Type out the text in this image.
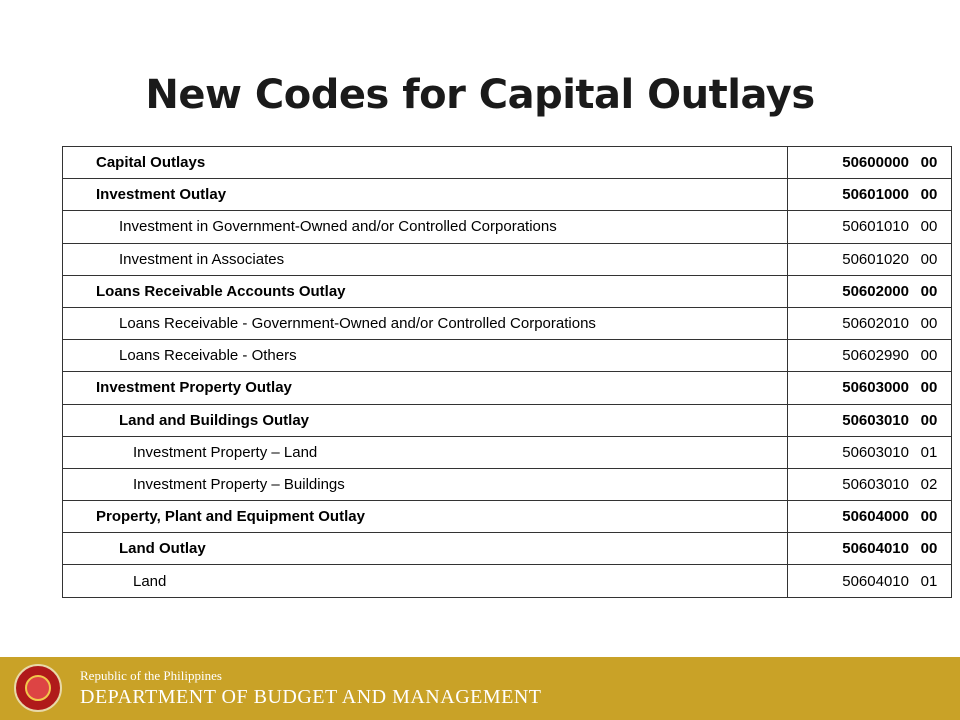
New Codes for Capital Outlays
Capital Outlays	50600000 00
Investment Outlay	50601000 00
Investment in Government-Owned and/or Controlled Corporations	50601010 00
Investment in Associates	50601020 00
Loans Receivable Accounts Outlay	50602000 00
Loans Receivable - Government-Owned and/or Controlled Corporations	50602010 00
Loans Receivable - Others	50602990 00
Investment Property Outlay	50603000 00
Land and Buildings Outlay	50603010 00
Investment Property – Land	50603010 01
Investment Property – Buildings	50603010 02
Property, Plant and Equipment Outlay	50604000 00
Land Outlay	50604010 00
Land	50604010 01
Republic of the Philippines
DEPARTMENT OF BUDGET AND MANAGEMENT
